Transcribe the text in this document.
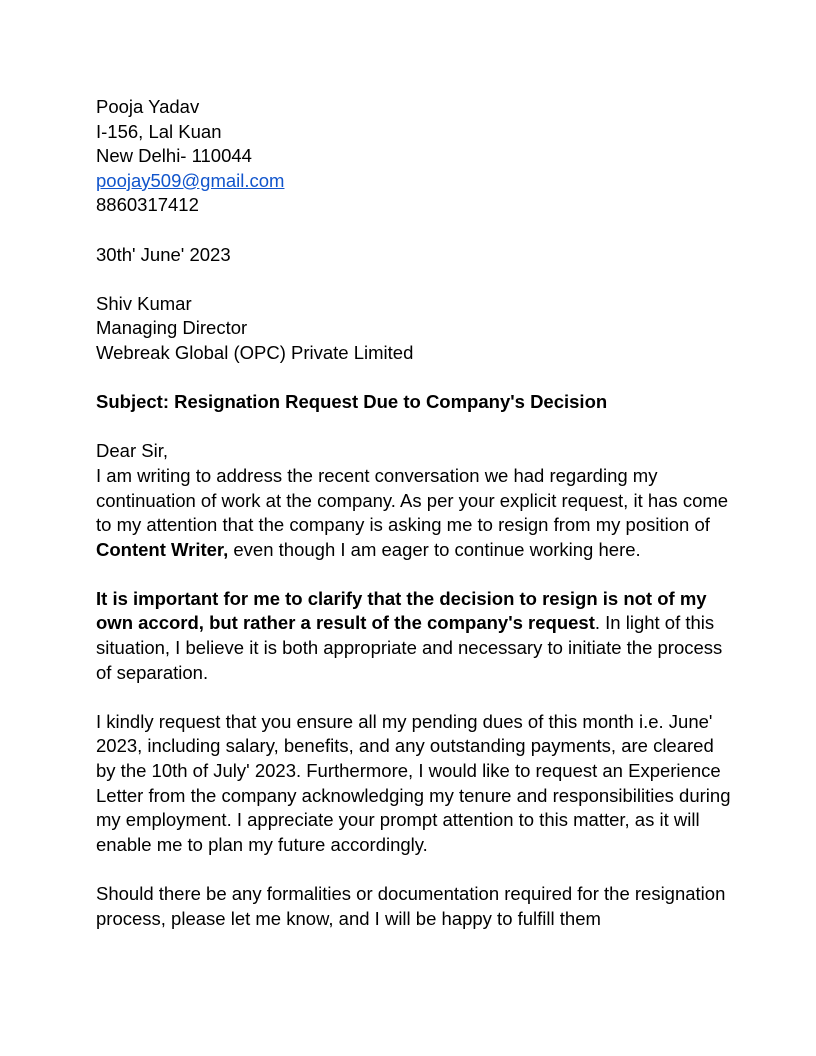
Pooja Yadav
I-156, Lal Kuan
New Delhi- 110044
poojay509@gmail.com
8860317412
30th' June' 2023
Shiv Kumar
Managing Director
Webreak Global (OPC) Private Limited
Subject: Resignation Request Due to Company's Decision
Dear Sir,
I am writing to address the recent conversation we had regarding my continuation of work at the company. As per your explicit request, it has come to my attention that the company is asking me to resign from my position of Content Writer, even though I am eager to continue working here.
It is important for me to clarify that the decision to resign is not of my own accord, but rather a result of the company's request. In light of this situation, I believe it is both appropriate and necessary to initiate the process of separation.
I kindly request that you ensure all my pending dues of this month i.e. June' 2023, including salary, benefits, and any outstanding payments, are cleared by the 10th of July' 2023. Furthermore, I would like to request an Experience Letter from the company acknowledging my tenure and responsibilities during my employment. I appreciate your prompt attention to this matter, as it will enable me to plan my future accordingly.
Should there be any formalities or documentation required for the resignation process, please let me know, and I will be happy to fulfill them
